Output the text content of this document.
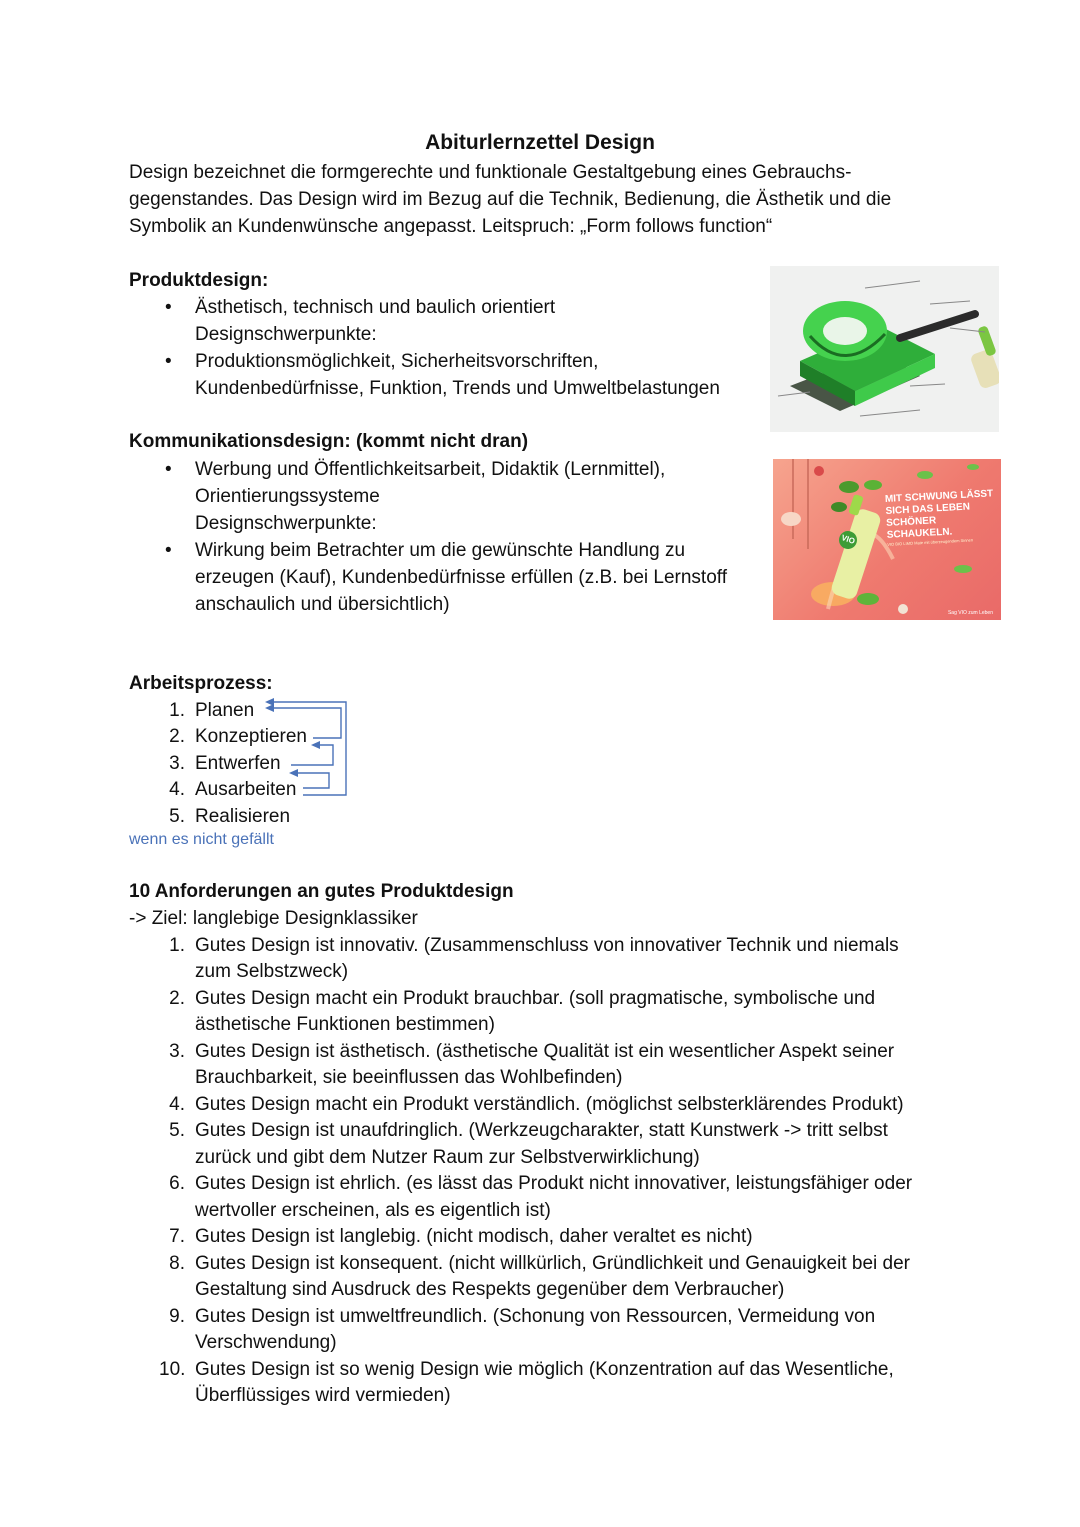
Abiturlernzettel Design
Design bezeichnet die formgerechte und funktionale Gestaltgebung eines Gebrauchs-
gegenstandes. Das Design wird im Bezug auf die Technik, Bedienung, die Ästhetik und die
Symbolik an Kundenwünsche angepasst. Leitspruch: „Form follows function“
Produktdesign:
• Ästhetisch, technisch und baulich orientiert
Designschwerpunkte:
• Produktionsmöglichkeit, Sicherheitsvorschriften,
Kundenbedürfnisse, Funktion, Trends und Umweltbelastungen
Kommunikationsdesign: (kommt nicht dran)
• Werbung und Öffentlichkeitsarbeit, Didaktik (Lernmittel),
Orientierungssysteme
Designschwerpunkte:
• Wirkung beim Betrachter um die gewünschte Handlung zu
erzeugen (Kauf), Kundenbedürfnisse erfüllen (z.B. bei Lernstoff
anschaulich und übersichtlich)
MIT SCHWUNG LÄSST
SICH DAS LEBEN
SCHÖNER SCHAUKELN.
VIO BIO LIMO Mate mit überzeugendem Sinnen
VIO
Sag VIO zum Leben
Arbeitsprozess:
1. Planen
2. Konzeptieren
3. Entwerfen
4. Ausarbeiten
5. Realisieren
wenn es nicht gefällt
10 Anforderungen an gutes Produktdesign
-> Ziel: langlebige Designklassiker
1. Gutes Design ist innovativ. (Zusammenschluss von innovativer Technik und niemals
zum Selbstzweck)
2. Gutes Design macht ein Produkt brauchbar. (soll pragmatische, symbolische und
ästhetische Funktionen bestimmen)
3. Gutes Design ist ästhetisch. (ästhetische Qualität ist ein wesentlicher Aspekt seiner
Brauchbarkeit, sie beeinflussen das Wohlbefinden)
4. Gutes Design macht ein Produkt verständlich. (möglichst selbsterklärendes Produkt)
5. Gutes Design ist unaufdringlich. (Werkzeugcharakter, statt Kunstwerk -> tritt selbst
zurück und gibt dem Nutzer Raum zur Selbstverwirklichung)
6. Gutes Design ist ehrlich. (es lässt das Produkt nicht innovativer, leistungsfähiger oder
wertvoller erscheinen, als es eigentlich ist)
7. Gutes Design ist langlebig. (nicht modisch, daher veraltet es nicht)
8. Gutes Design ist konsequent. (nicht willkürlich, Gründlichkeit und Genauigkeit bei der
Gestaltung sind Ausdruck des Respekts gegenüber dem Verbraucher)
9. Gutes Design ist umweltfreundlich. (Schonung von Ressourcen, Vermeidung von
Verschwendung)
10. Gutes Design ist so wenig Design wie möglich (Konzentration auf das Wesentliche,
Überflüssiges wird vermieden)
